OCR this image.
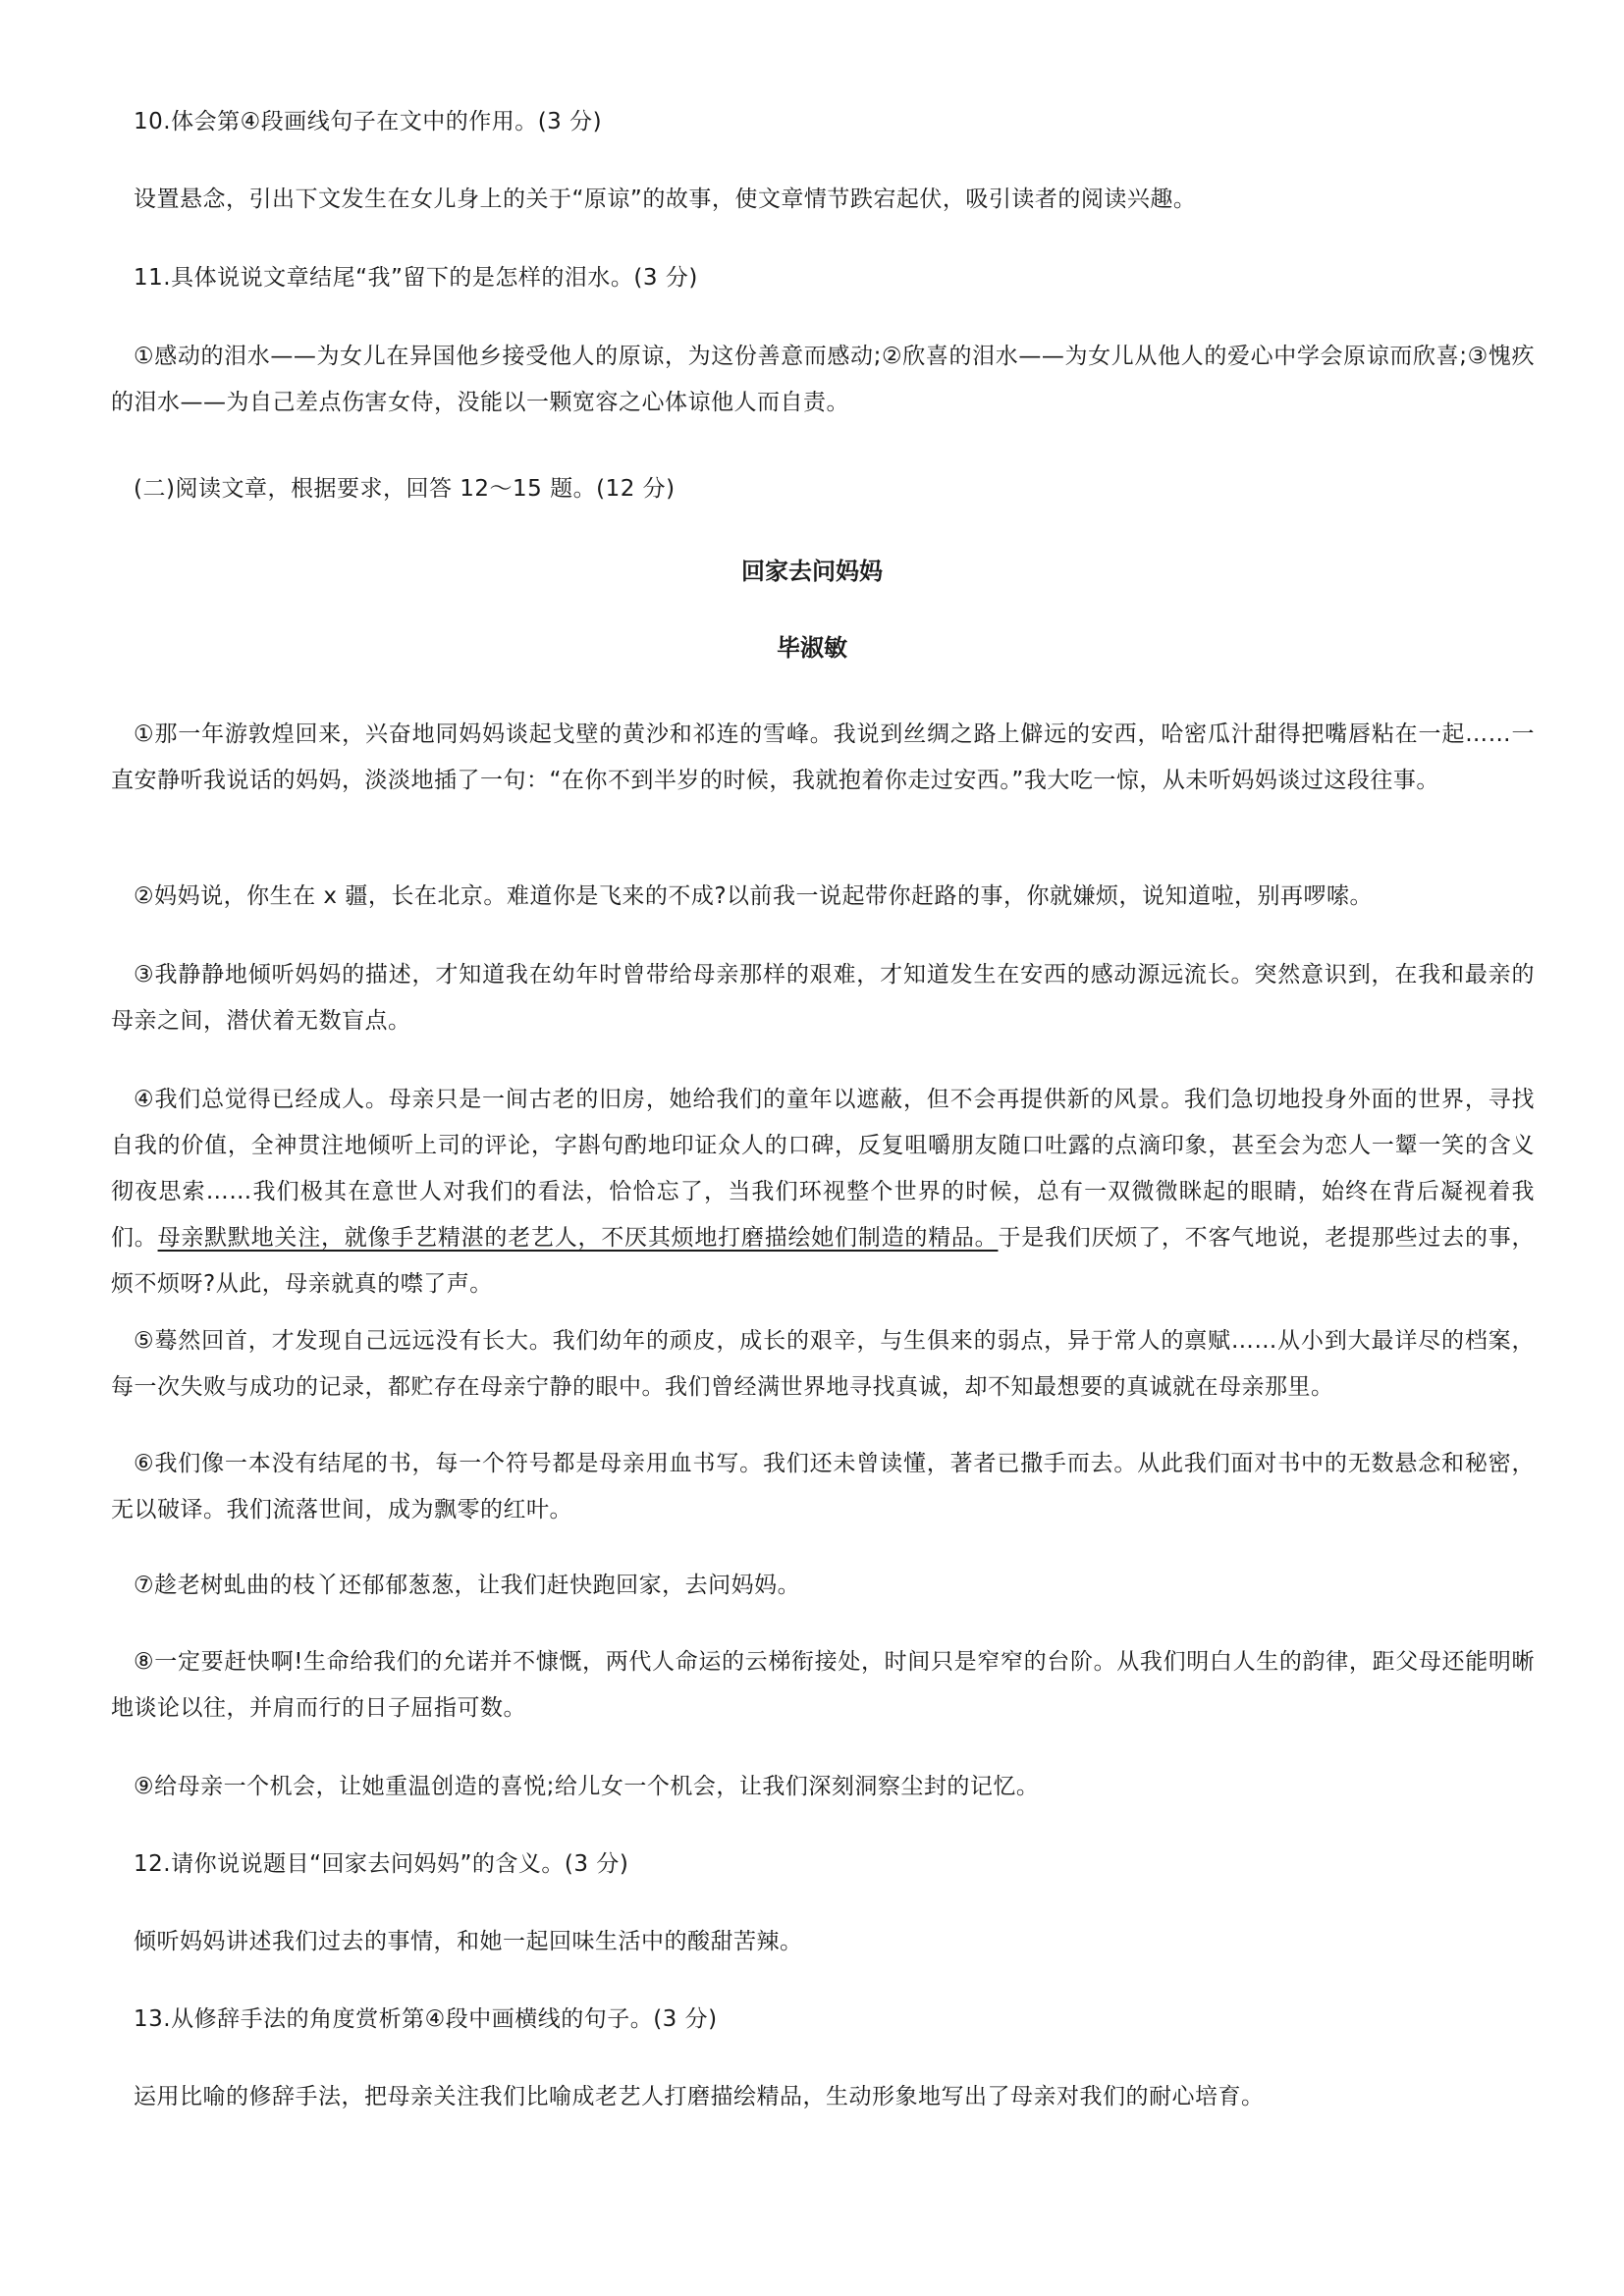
10.体会第④段画线句子在文中的作用。(3 分)

设置悬念，引出下文发生在女儿身上的关于“原谅”的故事，使文章情节跌宕起伏，吸引读者的阅读兴趣。

11.具体说说文章结尾“我”留下的是怎样的泪水。(3 分)

①感动的泪水——为女儿在异国他乡接受他人的原谅，为这份善意而感动;②欣喜的泪水——为女儿从他人的爱心中学会原谅而欣喜;③愧疚的泪水——为自己差点伤害女侍，没能以一颗宽容之心体谅他人而自责。

(二)阅读文章，根据要求，回答 12～15 题。(12 分)

回家去问妈妈
毕淑敏

①那一年游敦煌回来，兴奋地同妈妈谈起戈壁的黄沙和祁连的雪峰。我说到丝绸之路上僻远的安西，哈密瓜汁甜得把嘴唇粘在一起……一直安静听我说话的妈妈，淡淡地插了一句：“在你不到半岁的时候，我就抱着你走过安西。”我大吃一惊，从未听妈妈谈过这段往事。

②妈妈说，你生在 x 疆，长在北京。难道你是飞来的不成?以前我一说起带你赶路的事，你就嫌烦，说知道啦，别再啰嗦。

③我静静地倾听妈妈的描述，才知道我在幼年时曾带给母亲那样的艰难，才知道发生在安西的感动源远流长。突然意识到，在我和最亲的母亲之间，潜伏着无数盲点。

④我们总觉得已经成人。母亲只是一间古老的旧房，她给我们的童年以遮蔽，但不会再提供新的风景。我们急切地投身外面的世界，寻找自我的价值，全神贯注地倾听上司的评论，字斟句酌地印证众人的口碑，反复咀嚼朋友随口吐露的点滴印象，甚至会为恋人一颦一笑的含义彻夜思索……我们极其在意世人对我们的看法，恰恰忘了，当我们环视整个世界的时候，总有一双微微眯起的眼睛，始终在背后凝视着我们。母亲默默地关注，就像手艺精湛的老艺人，不厌其烦地打磨描绘她们制造的精品。于是我们厌烦了，不客气地说，老提那些过去的事，烦不烦呀?从此，母亲就真的噤了声。

⑤蓦然回首，才发现自己远远没有长大。我们幼年的顽皮，成长的艰辛，与生俱来的弱点，异于常人的禀赋……从小到大最详尽的档案，每一次失败与成功的记录，都贮存在母亲宁静的眼中。我们曾经满世界地寻找真诚，却不知最想要的真诚就在母亲那里。

⑥我们像一本没有结尾的书，每一个符号都是母亲用血书写。我们还未曾读懂，著者已撒手而去。从此我们面对书中的无数悬念和秘密，无以破译。我们流落世间，成为飘零的红叶。

⑦趁老树虬曲的枝丫还郁郁葱葱，让我们赶快跑回家，去问妈妈。

⑧一定要赶快啊!生命给我们的允诺并不慷慨，两代人命运的云梯衔接处，时间只是窄窄的台阶。从我们明白人生的韵律，距父母还能明晰地谈论以往，并肩而行的日子屈指可数。

⑨给母亲一个机会，让她重温创造的喜悦;给儿女一个机会，让我们深刻洞察尘封的记忆。

12.请你说说题目“回家去问妈妈”的含义。(3 分)

倾听妈妈讲述我们过去的事情，和她一起回味生活中的酸甜苦辣。

13.从修辞手法的角度赏析第④段中画横线的句子。(3 分)

运用比喻的修辞手法，把母亲关注我们比喻成老艺人打磨描绘精品，生动形象地写出了母亲对我们的耐心培育。
